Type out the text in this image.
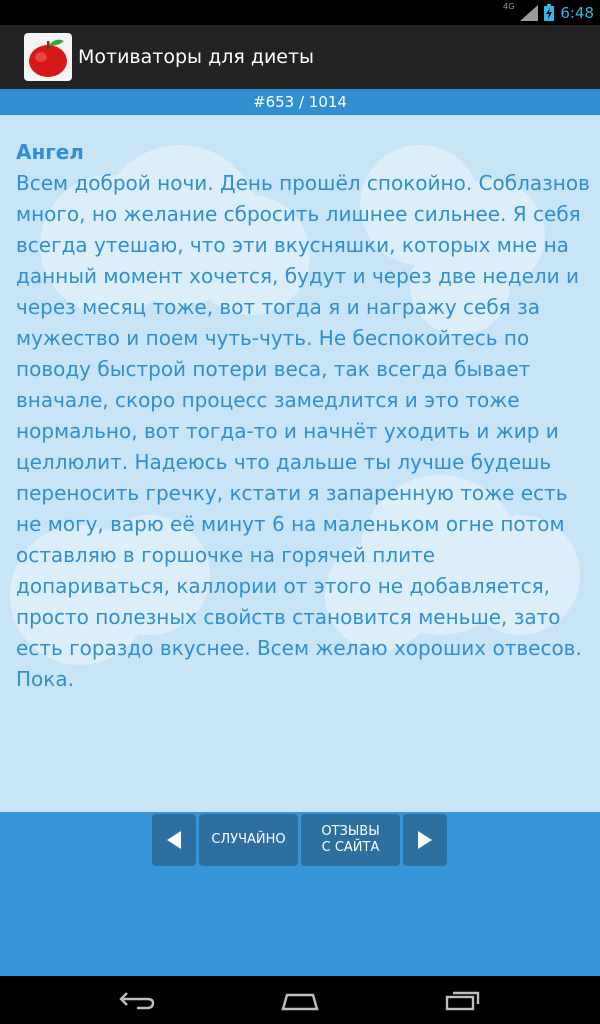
4G	6:48
Мотиваторы для диеты
#653 / 1014
Ангел
Всем доброй ночи. День прошёл спокойно. Соблазнов много, но желание сбросить лишнее сильнее. Я себя всегда утешаю, что эти вкусняшки, которых мне на данный момент хочется, будут и через две недели и через месяц тоже, вот тогда я и награжу себя за мужество и поем чуть-чуть. Не беспокойтесь по поводу быстрой потери веса, так всегда бывает вначале, скоро процесс замедлится и это тоже нормально, вот тогда-то и начнёт уходить и жир и целлюлит. Надеюсь что дальше ты лучше будешь переносить гречку, кстати я запаренную тоже есть не могу, варю её минут 6 на маленьком огне потом оставляю в горшочке на горячей плите допариваться, каллории от этого не добавляется, просто полезных свойств становится меньше, зато есть гораздо вкуснее. Всем желаю хороших отвесов. Пока.
СЛУЧАЙНО
ОТЗЫВЫ
С САЙТА
